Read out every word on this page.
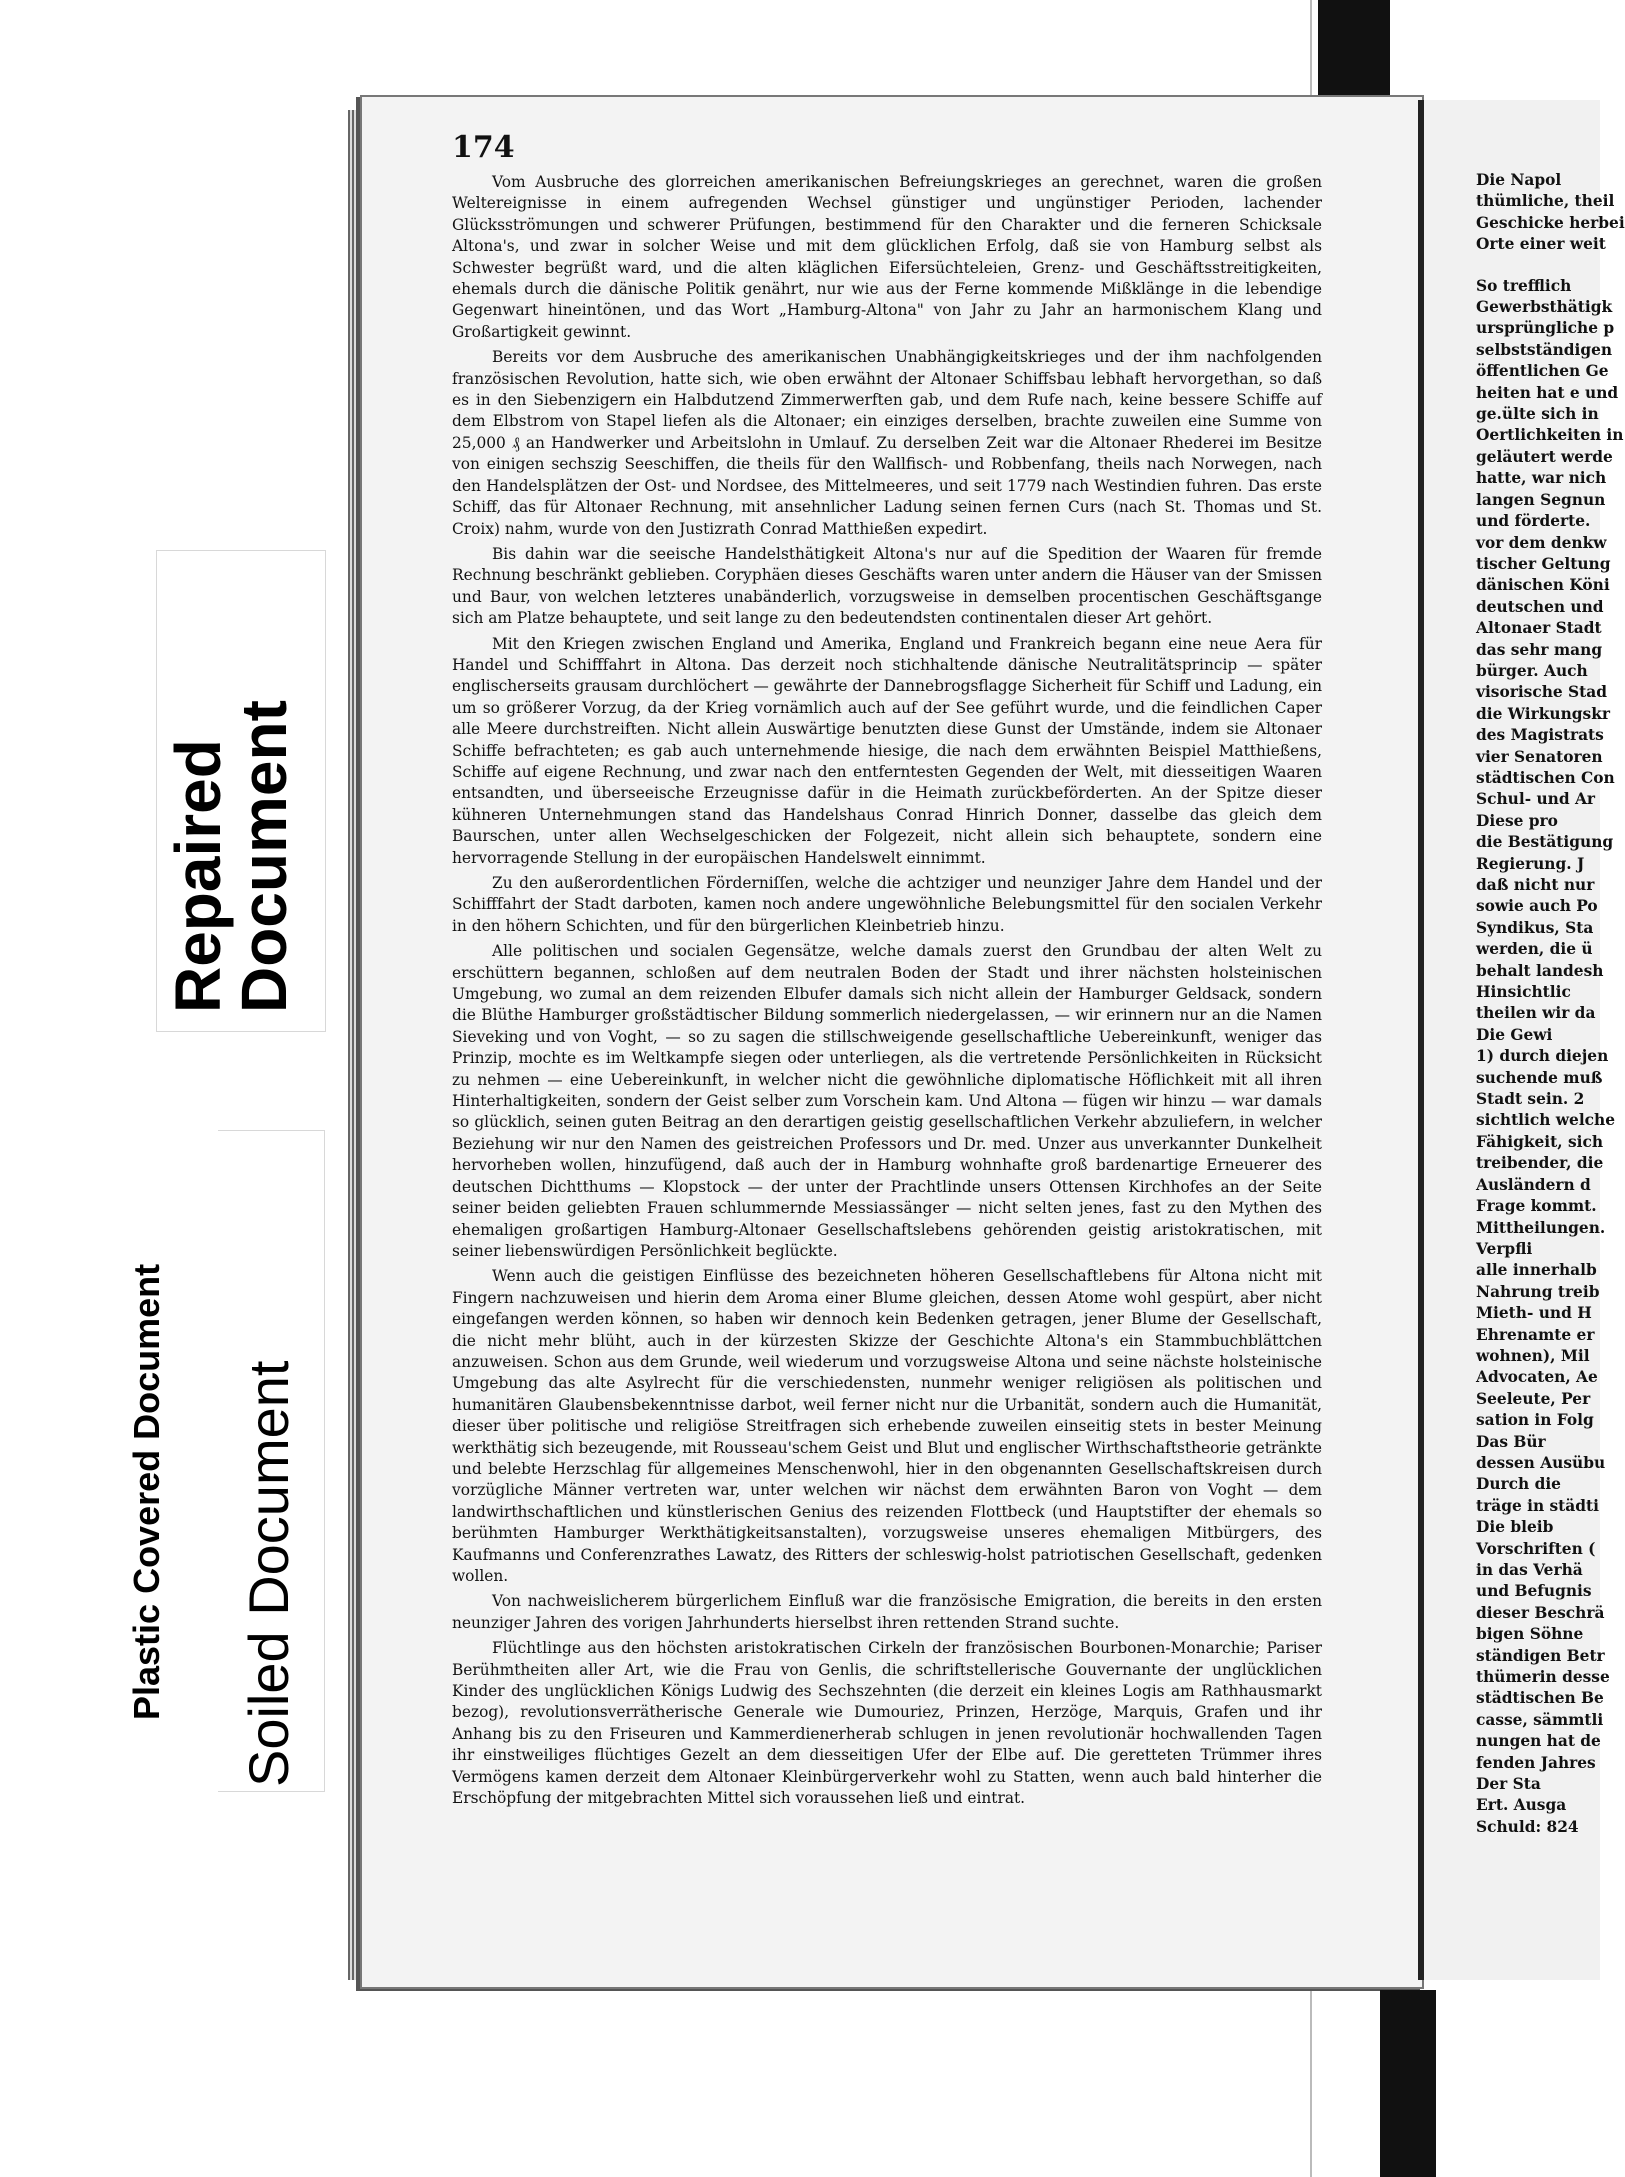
Repaired Document
Plastic Covered Document Soiled Document
174

Vom Ausbruche des glorreichen amerikanischen Befreiungskrieges an gerechnet, waren die großen Weltereignisse in einem aufregenden Wechsel günstiger und ungünstiger Perioden, lachender Glücksströmungen und schwerer Prüfungen, bestimmend für den Charakter und die ferneren Schicksale Altona's, und zwar in solcher Weise und mit dem glücklichen Erfolg, daß sie von Hamburg selbst als Schwester begrüßt ward, und die alten kläglichen Eifersüchteleien, Grenz- und Geschäftsstreitigkeiten, ehemals durch die dänische Politik genährt, nur wie aus der Ferne kommende Mißklänge in die lebendige Gegenwart hineintönen, und das Wort „Hamburg-Altona" von Jahr zu Jahr an harmonischem Klang und Großartigkeit gewinnt.

Bereits vor dem Ausbruche des amerikanischen Unabhängigkeitskrieges und der ihm nachfolgenden französischen Revolution, hatte sich, wie oben erwähnt der Altonaer Schiffsbau lebhaft hervorgethan, so daß es in den Siebenzigern ein Halbdutzend Zimmerwerften gab, und dem Rufe nach, keine bessere Schiffe auf dem Elbstrom von Stapel liefen als die Altonaer; ein einziges derselben, brachte zuweilen eine Summe von 25,000 ₰ an Handwerker und Arbeitslohn in Umlauf. Zu derselben Zeit war die Altonaer Rhederei im Besitze von einigen sechszig Seeschiffen, die theils für den Wallfisch- und Robbenfang, theils nach Norwegen, nach den Handelsplätzen der Ost- und Nordsee, des Mittelmeeres, und seit 1779 nach Westindien fuhren. Das erste Schiff, das für Altonaer Rechnung, mit ansehnlicher Ladung seinen fernen Curs (nach St. Thomas und St. Croix) nahm, wurde von den Justizrath Conrad Matthießen expedirt.

Bis dahin war die seeische Handelsthätigkeit Altona's nur auf die Spedition der Waaren für fremde Rechnung beschränkt geblieben. Coryphäen dieses Geschäfts waren unter andern die Häuser van der Smissen und Baur, von welchen letzteres unabänderlich, vorzugsweise in demselben procentischen Geschäftsgange sich am Platze behauptete, und seit lange zu den bedeutendsten continentalen dieser Art gehört.

Mit den Kriegen zwischen England und Amerika, England und Frankreich begann eine neue Aera für Handel und Schifffahrt in Altona. Das derzeit noch stichhaltende dänische Neutralitätsprincip — später englischerseits grausam durchlöchert — gewährte der Dannebrogsflagge Sicherheit für Schiff und Ladung, ein um so größerer Vorzug, da der Krieg vornämlich auch auf der See geführt wurde, und die feindlichen Caper alle Meere durchstreiften. Nicht allein Auswärtige benutzten diese Gunst der Umstände, indem sie Altonaer Schiffe befrachteten; es gab auch unternehmende hiesige, die nach dem erwähnten Beispiel Matthießens, Schiffe auf eigene Rechnung, und zwar nach den entferntesten Gegenden der Welt, mit diesseitigen Waaren entsandten, und überseeische Erzeugnisse dafür in die Heimath zurückbeförderten. An der Spitze dieser kühneren Unternehmungen stand das Handelshaus Conrad Hinrich Donner, dasselbe das gleich dem Baurschen, unter allen Wechselgeschicken der Folgezeit, nicht allein sich behauptete, sondern eine hervorragende Stellung in der europäischen Handelswelt einnimmt.

Zu den außerordentlichen Förderniſſen, welche die achtziger und neunziger Jahre dem Handel und der Schifffahrt der Stadt darboten, kamen noch andere ungewöhnliche Belebungsmittel für den socialen Verkehr in den höhern Schichten, und für den bürgerlichen Kleinbetrieb hinzu.

Alle politischen und socialen Gegensätze, welche damals zuerst den Grundbau der alten Welt zu erschüttern begannen, schloßen auf dem neutralen Boden der Stadt und ihrer nächsten holsteinischen Umgebung, wo zumal an dem reizenden Elbufer damals sich nicht allein der Hamburger Geldsack, sondern die Blüthe Hamburger großstädtischer Bildung sommerlich niedergelassen, — wir erinnern nur an die Namen Sieveking und von Voght, — so zu sagen die stillschweigende gesellschaftliche Uebereinkunft, weniger das Prinzip, mochte es im Weltkampfe siegen oder unterliegen, als die vertretende Persönlichkeiten in Rücksicht zu nehmen — eine Uebereinkunft, in welcher nicht die gewöhnliche diplomatische Höflichkeit mit all ihren Hinterhaltigkeiten, sondern der Geist selber zum Vorschein kam. Und Altona — fügen wir hinzu — war damals so glücklich, seinen guten Beitrag an den derartigen geistig gesellschaftlichen Verkehr abzuliefern, in welcher Beziehung wir nur den Namen des geistreichen Professors und Dr. med. Unzer aus unverkannter Dunkelheit hervorheben wollen, hinzufügend, daß auch der in Hamburg wohnhafte groß bardenartige Erneuerer des deutschen Dichtthums — Klopstock — der unter der Prachtlinde unsers Ottensen Kirchhofes an der Seite seiner beiden geliebten Frauen schlummernde Messiassänger — nicht selten jenes, fast zu den Mythen des ehemaligen großartigen Hamburg-Altonaer Gesellschaftslebens gehörenden geistig aristokratischen, mit seiner liebenswürdigen Persönlichkeit beglückte.

Wenn auch die geistigen Einflüsse des bezeichneten höheren Gesellschaftlebens für Altona nicht mit Fingern nachzuweisen und hierin dem Aroma einer Blume gleichen, dessen Atome wohl gespürt, aber nicht eingefangen werden können, so haben wir dennoch kein Bedenken getragen, jener Blume der Gesellschaft, die nicht mehr blüht, auch in der kürzesten Skizze der Geschichte Altona's ein Stammbuchblättchen anzuweisen. Schon aus dem Grunde, weil wiederum und vorzugsweise Altona und seine nächste holsteinische Umgebung das alte Asylrecht für die verschiedensten, nunmehr weniger religiösen als politischen und humanitären Glaubensbekenntnisse darbot, weil ferner nicht nur die Urbanität, sondern auch die Humanität, dieser über politische und religiöse Streitfragen sich erhebende zuweilen einseitig stets in bester Meinung werkthätig sich bezeugende, mit Rousseau'schem Geist und Blut und englischer Wirthschaftstheorie getränkte und belebte Herzschlag für allgemeines Menschenwohl, hier in den obgenannten Gesellschaftskreisen durch vorzügliche Männer vertreten war, unter welchen wir nächst dem erwähnten Baron von Voght — dem landwirthschaftlichen und künstlerischen Genius des reizenden Flottbeck (und Hauptstifter der ehemals so berühmten Hamburger Werkthätigkeitsanstalten), vorzugsweise unseres ehemaligen Mitbürgers, des Kaufmanns und Conferenzrathes Lawatz, des Ritters der schleswig-holst patriotischen Gesellschaft, gedenken wollen.

Von nachweislicherem bürgerlichem Einfluß war die französische Emigration, die bereits in den ersten neunziger Jahren des vorigen Jahrhunderts hierselbst ihren rettenden Strand suchte.

Flüchtlinge aus den höchsten aristokratischen Cirkeln der französischen Bourbonen-Monarchie; Pariser Berühmtheiten aller Art, wie die Frau von Genlis, die schriftstellerische Gouvernante der unglücklichen Kinder des unglücklichen Königs Ludwig des Sechszehnten (die derzeit ein kleines Logis am Rathhausmarkt bezog), revolutionsverrätherische Generale wie Dumouriez, Prinzen, Herzöge, Marquis, Grafen und ihr Anhang bis zu den Friseuren und Kammerdienerherab schlugen in jenen revolutionär hochwallenden Tagen ihr einstweiliges flüchtiges Gezelt an dem diesseitigen Ufer der Elbe auf. Die geretteten Trümmer ihres Vermögens kamen derzeit dem Altonaer Kleinbürgerverkehr wohl zu Statten, wenn auch bald hinterher die Erschöpfung der mitgebrachten Mittel sich voraussehen ließ und eintrat.

Die Napol
thümliche, theil
Geschicke herbei
Orte einer weit
So trefflich
Gewerbsthätigk
ursprüngliche p
selbstständigen
öffentlichen Ge
heiten hat e und
ge.ülte sich in
Oertlichkeiten in
geläutert werde
hatte, war nich
langen Segnun
und förderte.
vor dem denkw
tischer Geltung
dänischen Köni
deutschen und
Altonaer Stadt
das sehr mang
bürger. Auch
visorische Stad
die Wirkungskr
des Magistrats
vier Senatoren
städtischen Con
Schul- und Ar
Diese pro
die Bestätigung
Regierung. J
daß nicht nur
sowie auch Po
Syndikus, Sta
werden, die ü
behalt landesh
Hinsichtlic
theilen wir da
Die Gewi
1) durch diejen
suchende muß
Stadt sein. 2
sichtlich welche
Fähigkeit, sich
treibender, die
Ausländern d
Frage kommt.
Mittheilungen.
Verpfli
alle innerhalb
Nahrung treib
Mieth- und H
Ehrenamte er
wohnen), Mil
Advocaten, Ae
Seeleute, Per
sation in Folg
Das Bür
dessen Ausübu
Durch die
träge in städti
Die bleib
Vorschriften (
in das Verhä
und Befugnis
dieser Beschrä
bigen Söhne
ständigen Betr
thümerin desse
städtischen Be
casse, sämmtli
nungen hat de
fenden Jahres
Der Sta
Ert. Ausga
Schuld: 824
